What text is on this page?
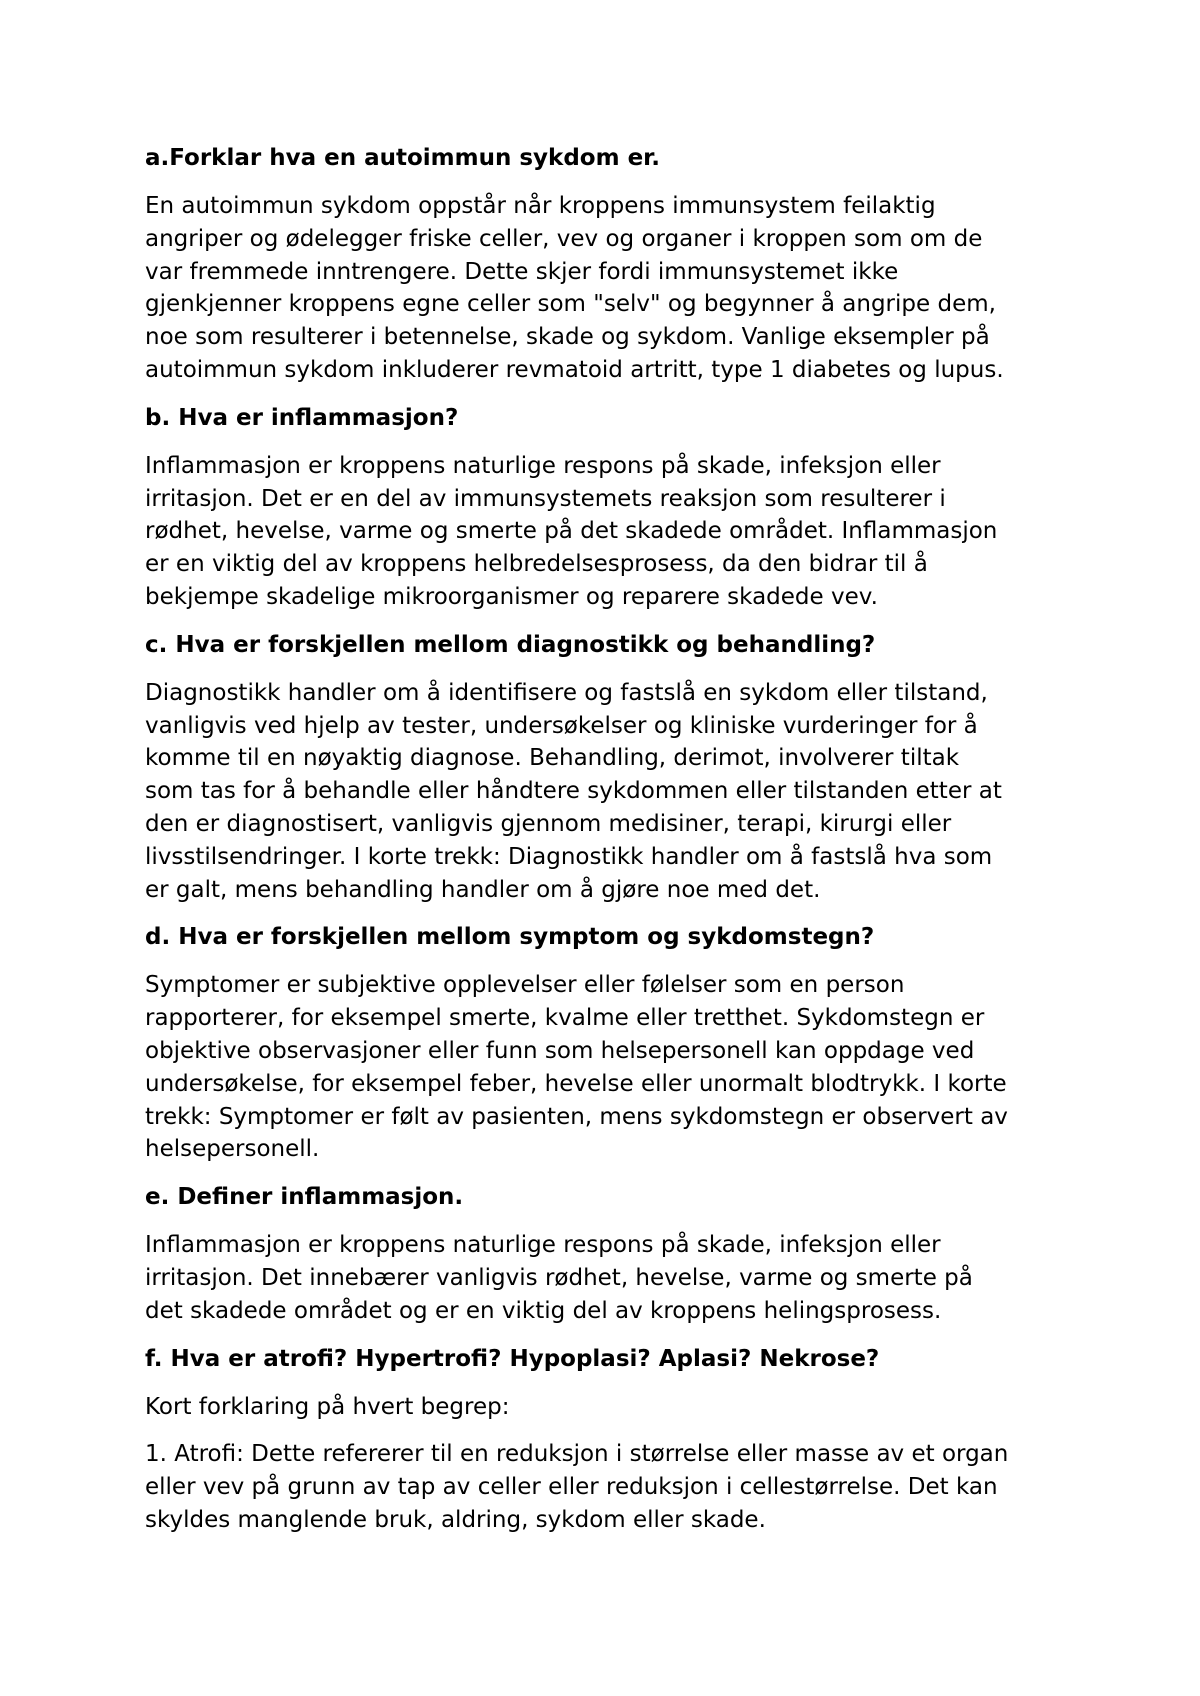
a.Forklar hva en autoimmun sykdom er.
En autoimmun sykdom oppstår når kroppens immunsystem feilaktig
angriper og ødelegger friske celler, vev og organer i kroppen som om de
var fremmede inntrengere. Dette skjer fordi immunsystemet ikke
gjenkjenner kroppens egne celler som "selv" og begynner å angripe dem,
noe som resulterer i betennelse, skade og sykdom. Vanlige eksempler på
autoimmun sykdom inkluderer revmatoid artritt, type 1 diabetes og lupus.
b. Hva er inflammasjon?
Inflammasjon er kroppens naturlige respons på skade, infeksjon eller
irritasjon. Det er en del av immunsystemets reaksjon som resulterer i
rødhet, hevelse, varme og smerte på det skadede området. Inflammasjon
er en viktig del av kroppens helbredelsesprosess, da den bidrar til å
bekjempe skadelige mikroorganismer og reparere skadede vev.
c. Hva er forskjellen mellom diagnostikk og behandling?
Diagnostikk handler om å identifisere og fastslå en sykdom eller tilstand,
vanligvis ved hjelp av tester, undersøkelser og kliniske vurderinger for å
komme til en nøyaktig diagnose. Behandling, derimot, involverer tiltak
som tas for å behandle eller håndtere sykdommen eller tilstanden etter at
den er diagnostisert, vanligvis gjennom medisiner, terapi, kirurgi eller
livsstilsendringer. I korte trekk: Diagnostikk handler om å fastslå hva som
er galt, mens behandling handler om å gjøre noe med det.
d. Hva er forskjellen mellom symptom og sykdomstegn?
Symptomer er subjektive opplevelser eller følelser som en person
rapporterer, for eksempel smerte, kvalme eller tretthet. Sykdomstegn er
objektive observasjoner eller funn som helsepersonell kan oppdage ved
undersøkelse, for eksempel feber, hevelse eller unormalt blodtrykk. I korte
trekk: Symptomer er følt av pasienten, mens sykdomstegn er observert av
helsepersonell.
e. Definer inflammasjon.
Inflammasjon er kroppens naturlige respons på skade, infeksjon eller
irritasjon. Det innebærer vanligvis rødhet, hevelse, varme og smerte på
det skadede området og er en viktig del av kroppens helingsprosess.
f. Hva er atrofi? Hypertrofi? Hypoplasi? Aplasi? Nekrose?
Kort forklaring på hvert begrep:
1. Atrofi: Dette refererer til en reduksjon i størrelse eller masse av et organ
eller vev på grunn av tap av celler eller reduksjon i cellestørrelse. Det kan
skyldes manglende bruk, aldring, sykdom eller skade.
